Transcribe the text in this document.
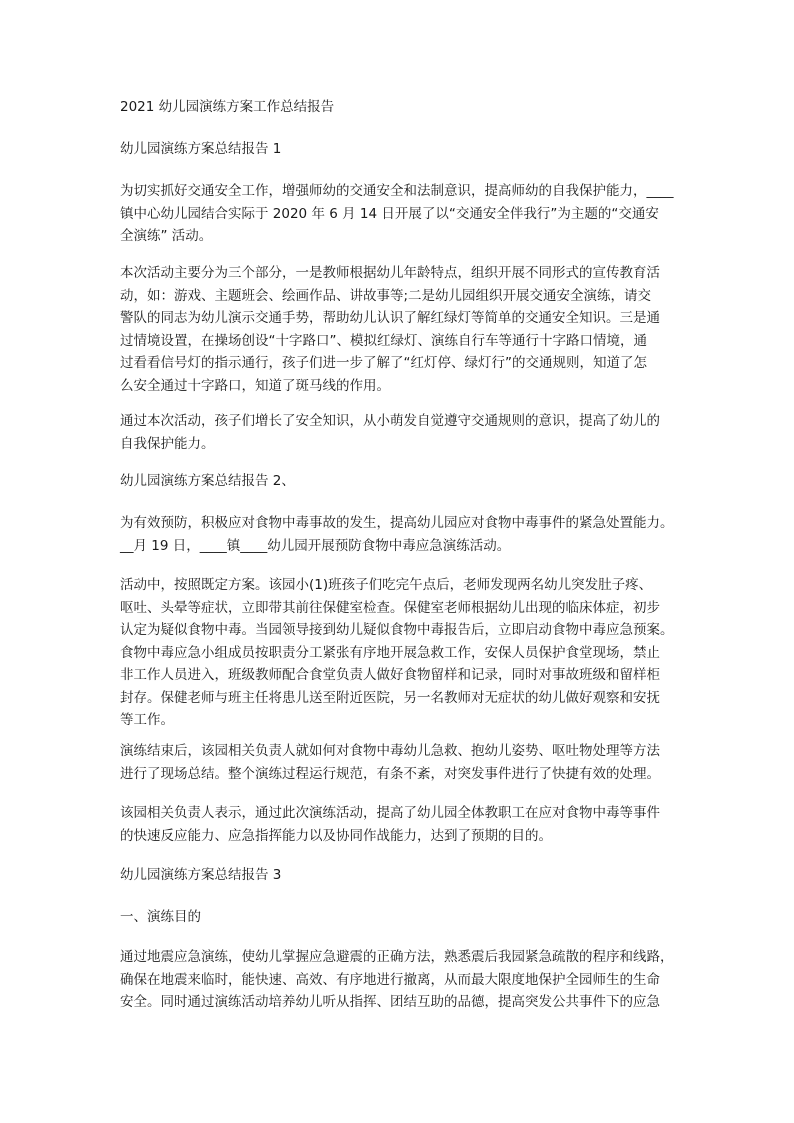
2021 幼儿园演练方案工作总结报告

幼儿园演练方案总结报告 1

为切实抓好交通安全工作，增强师幼的交通安全和法制意识，提高师幼的自我保护能力，____
镇中心幼儿园结合实际于 2020 年 6 月 14 日开展了以“交通安全伴我行”为主题的“交通安
全演练” 活动。

本次活动主要分为三个部分，一是教师根据幼儿年龄特点，组织开展不同形式的宣传教育活
动，如：游戏、主题班会、绘画作品、讲故事等;二是幼儿园组织开展交通安全演练，请交
警队的同志为幼儿演示交通手势，帮助幼儿认识了解红绿灯等简单的交通安全知识。三是通
过情境设置，在操场创设“十字路口”、模拟红绿灯、演练自行车等通行十字路口情境，通
过看看信号灯的指示通行，孩子们进一步了解了“红灯停、绿灯行”的交通规则，知道了怎
么安全通过十字路口，知道了斑马线的作用。

通过本次活动，孩子们增长了安全知识，从小萌发自觉遵守交通规则的意识，提高了幼儿的
自我保护能力。

幼儿园演练方案总结报告 2、

为有效预防，积极应对食物中毒事故的发生，提高幼儿园应对食物中毒事件的紧急处置能力。
__月 19 日，____镇____幼儿园开展预防食物中毒应急演练活动。

活动中，按照既定方案。该园小(1)班孩子们吃完午点后，老师发现两名幼儿突发肚子疼、
呕吐、头晕等症状，立即带其前往保健室检查。保健室老师根据幼儿出现的临床体症，初步
认定为疑似食物中毒。当园领导接到幼儿疑似食物中毒报告后，立即启动食物中毒应急预案。
食物中毒应急小组成员按职责分工紧张有序地开展急救工作，安保人员保护食堂现场，禁止
非工作人员进入，班级教师配合食堂负责人做好食物留样和记录，同时对事故班级和留样柜
封存。保健老师与班主任将患儿送至附近医院，另一名教师对无症状的幼儿做好观察和安抚
等工作。

演练结束后，该园相关负责人就如何对食物中毒幼儿急救、抱幼儿姿势、呕吐物处理等方法
进行了现场总结。整个演练过程运行规范，有条不紊，对突发事件进行了快捷有效的处理。

该园相关负责人表示，通过此次演练活动，提高了幼儿园全体教职工在应对食物中毒等事件
的快速反应能力、应急指挥能力以及协同作战能力，达到了预期的目的。

幼儿园演练方案总结报告 3

一、演练目的

通过地震应急演练，使幼儿掌握应急避震的正确方法，熟悉震后我园紧急疏散的程序和线路，
确保在地震来临时，能快速、高效、有序地进行撤离，从而最大限度地保护全园师生的生命
安全。同时通过演练活动培养幼儿听从指挥、团结互助的品德，提高突发公共事件下的应急
